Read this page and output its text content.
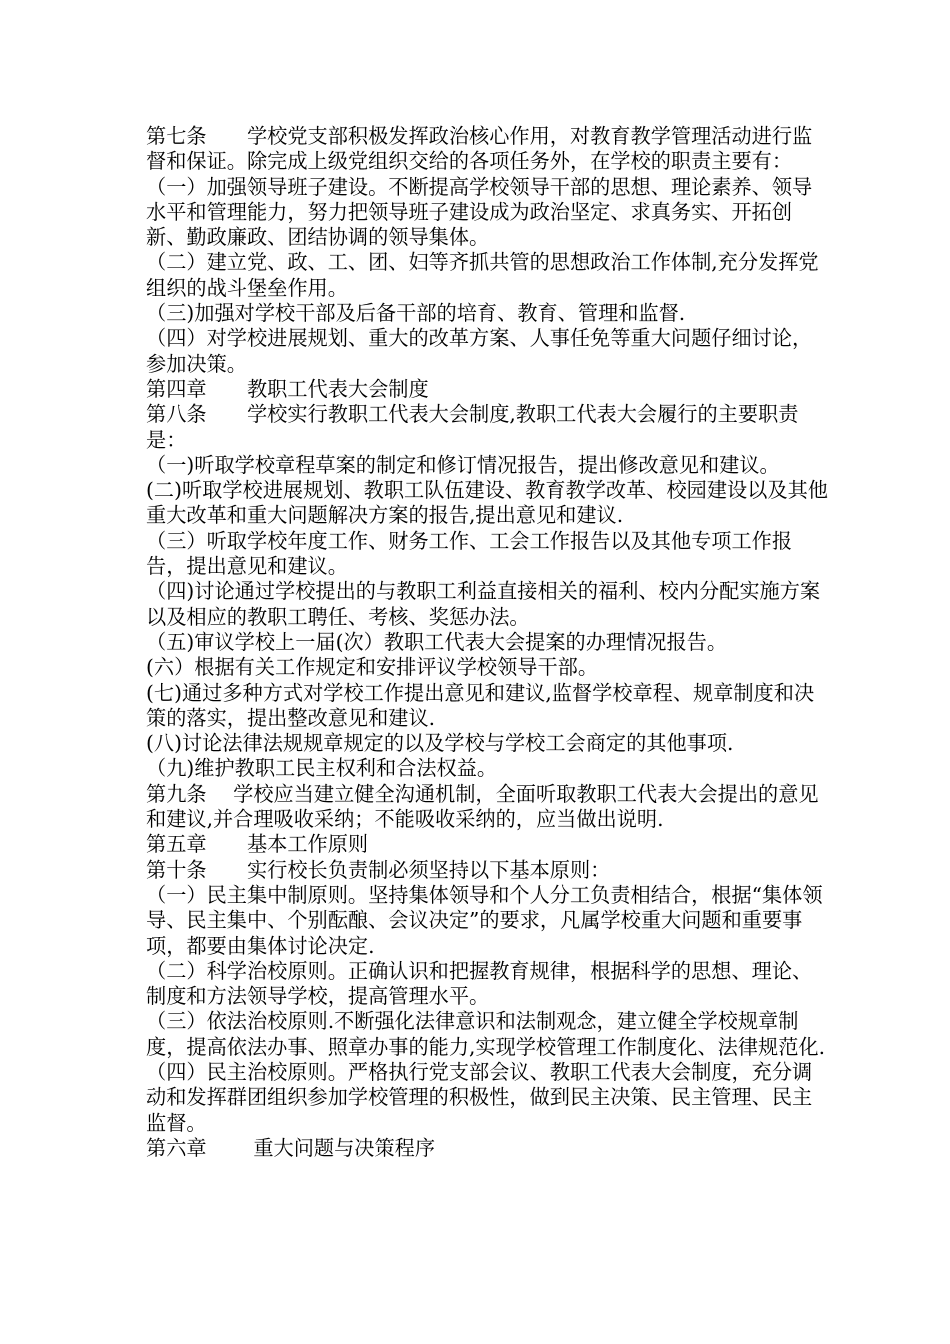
第七条　　学校党支部积极发挥政治核心作用，对教育教学管理活动进行监督和保证。除完成上级党组织交给的各项任务外，在学校的职责主要有：

（一）加强领导班子建设。不断提高学校领导干部的思想、理论素养、领导水平和管理能力，努力把领导班子建设成为政治坚定、求真务实、开拓创新、勤政廉政、团结协调的领导集体。

（二）建立党、政、工、团、妇等齐抓共管的思想政治工作体制,充分发挥党组织的战斗堡垒作用。

（三)加强对学校干部及后备干部的培育、教育、管理和监督.

（四）对学校进展规划、重大的改革方案、人事任免等重大问题仔细讨论，参加决策。

第四章　　教职工代表大会制度

第八条　　学校实行教职工代表大会制度,教职工代表大会履行的主要职责是：

（一)听取学校章程草案的制定和修订情况报告，提出修改意见和建议。

(二)听取学校进展规划、教职工队伍建设、教育教学改革、校园建设以及其他重大改革和重大问题解决方案的报告,提出意见和建议.

（三）听取学校年度工作、财务工作、工会工作报告以及其他专项工作报告，提出意见和建议。

（四)讨论通过学校提出的与教职工利益直接相关的福利、校内分配实施方案以及相应的教职工聘任、考核、奖惩办法。

（五)审议学校上一届(次）教职工代表大会提案的办理情况报告。

(六）根据有关工作规定和安排评议学校领导干部。

(七)通过多种方式对学校工作提出意见和建议,监督学校章程、规章制度和决策的落实，提出整改意见和建议.

(八)讨论法律法规规章规定的以及学校与学校工会商定的其他事项.

（九)维护教职工民主权利和合法权益。

第九条　 学校应当建立健全沟通机制，全面听取教职工代表大会提出的意见和建议,并合理吸收采纳；不能吸收采纳的，应当做出说明.

第五章　　基本工作原则

第十条　　实行校长负责制必须坚持以下基本原则：

（一）民主集中制原则。坚持集体领导和个人分工负责相结合，根据“集体领导、民主集中、个别酝酿、会议决定”的要求，凡属学校重大问题和重要事项，都要由集体讨论决定.

（二）科学治校原则。正确认识和把握教育规律，根据科学的思想、理论、制度和方法领导学校，提高管理水平。

（三）依法治校原则.不断强化法律意识和法制观念，建立健全学校规章制度，提高依法办事、照章办事的能力,实现学校管理工作制度化、法律规范化.

（四）民主治校原则。严格执行党支部会议、教职工代表大会制度，充分调动和发挥群团组织参加学校管理的积极性，做到民主决策、民主管理、民主监督。

第六章　　 重大问题与决策程序
